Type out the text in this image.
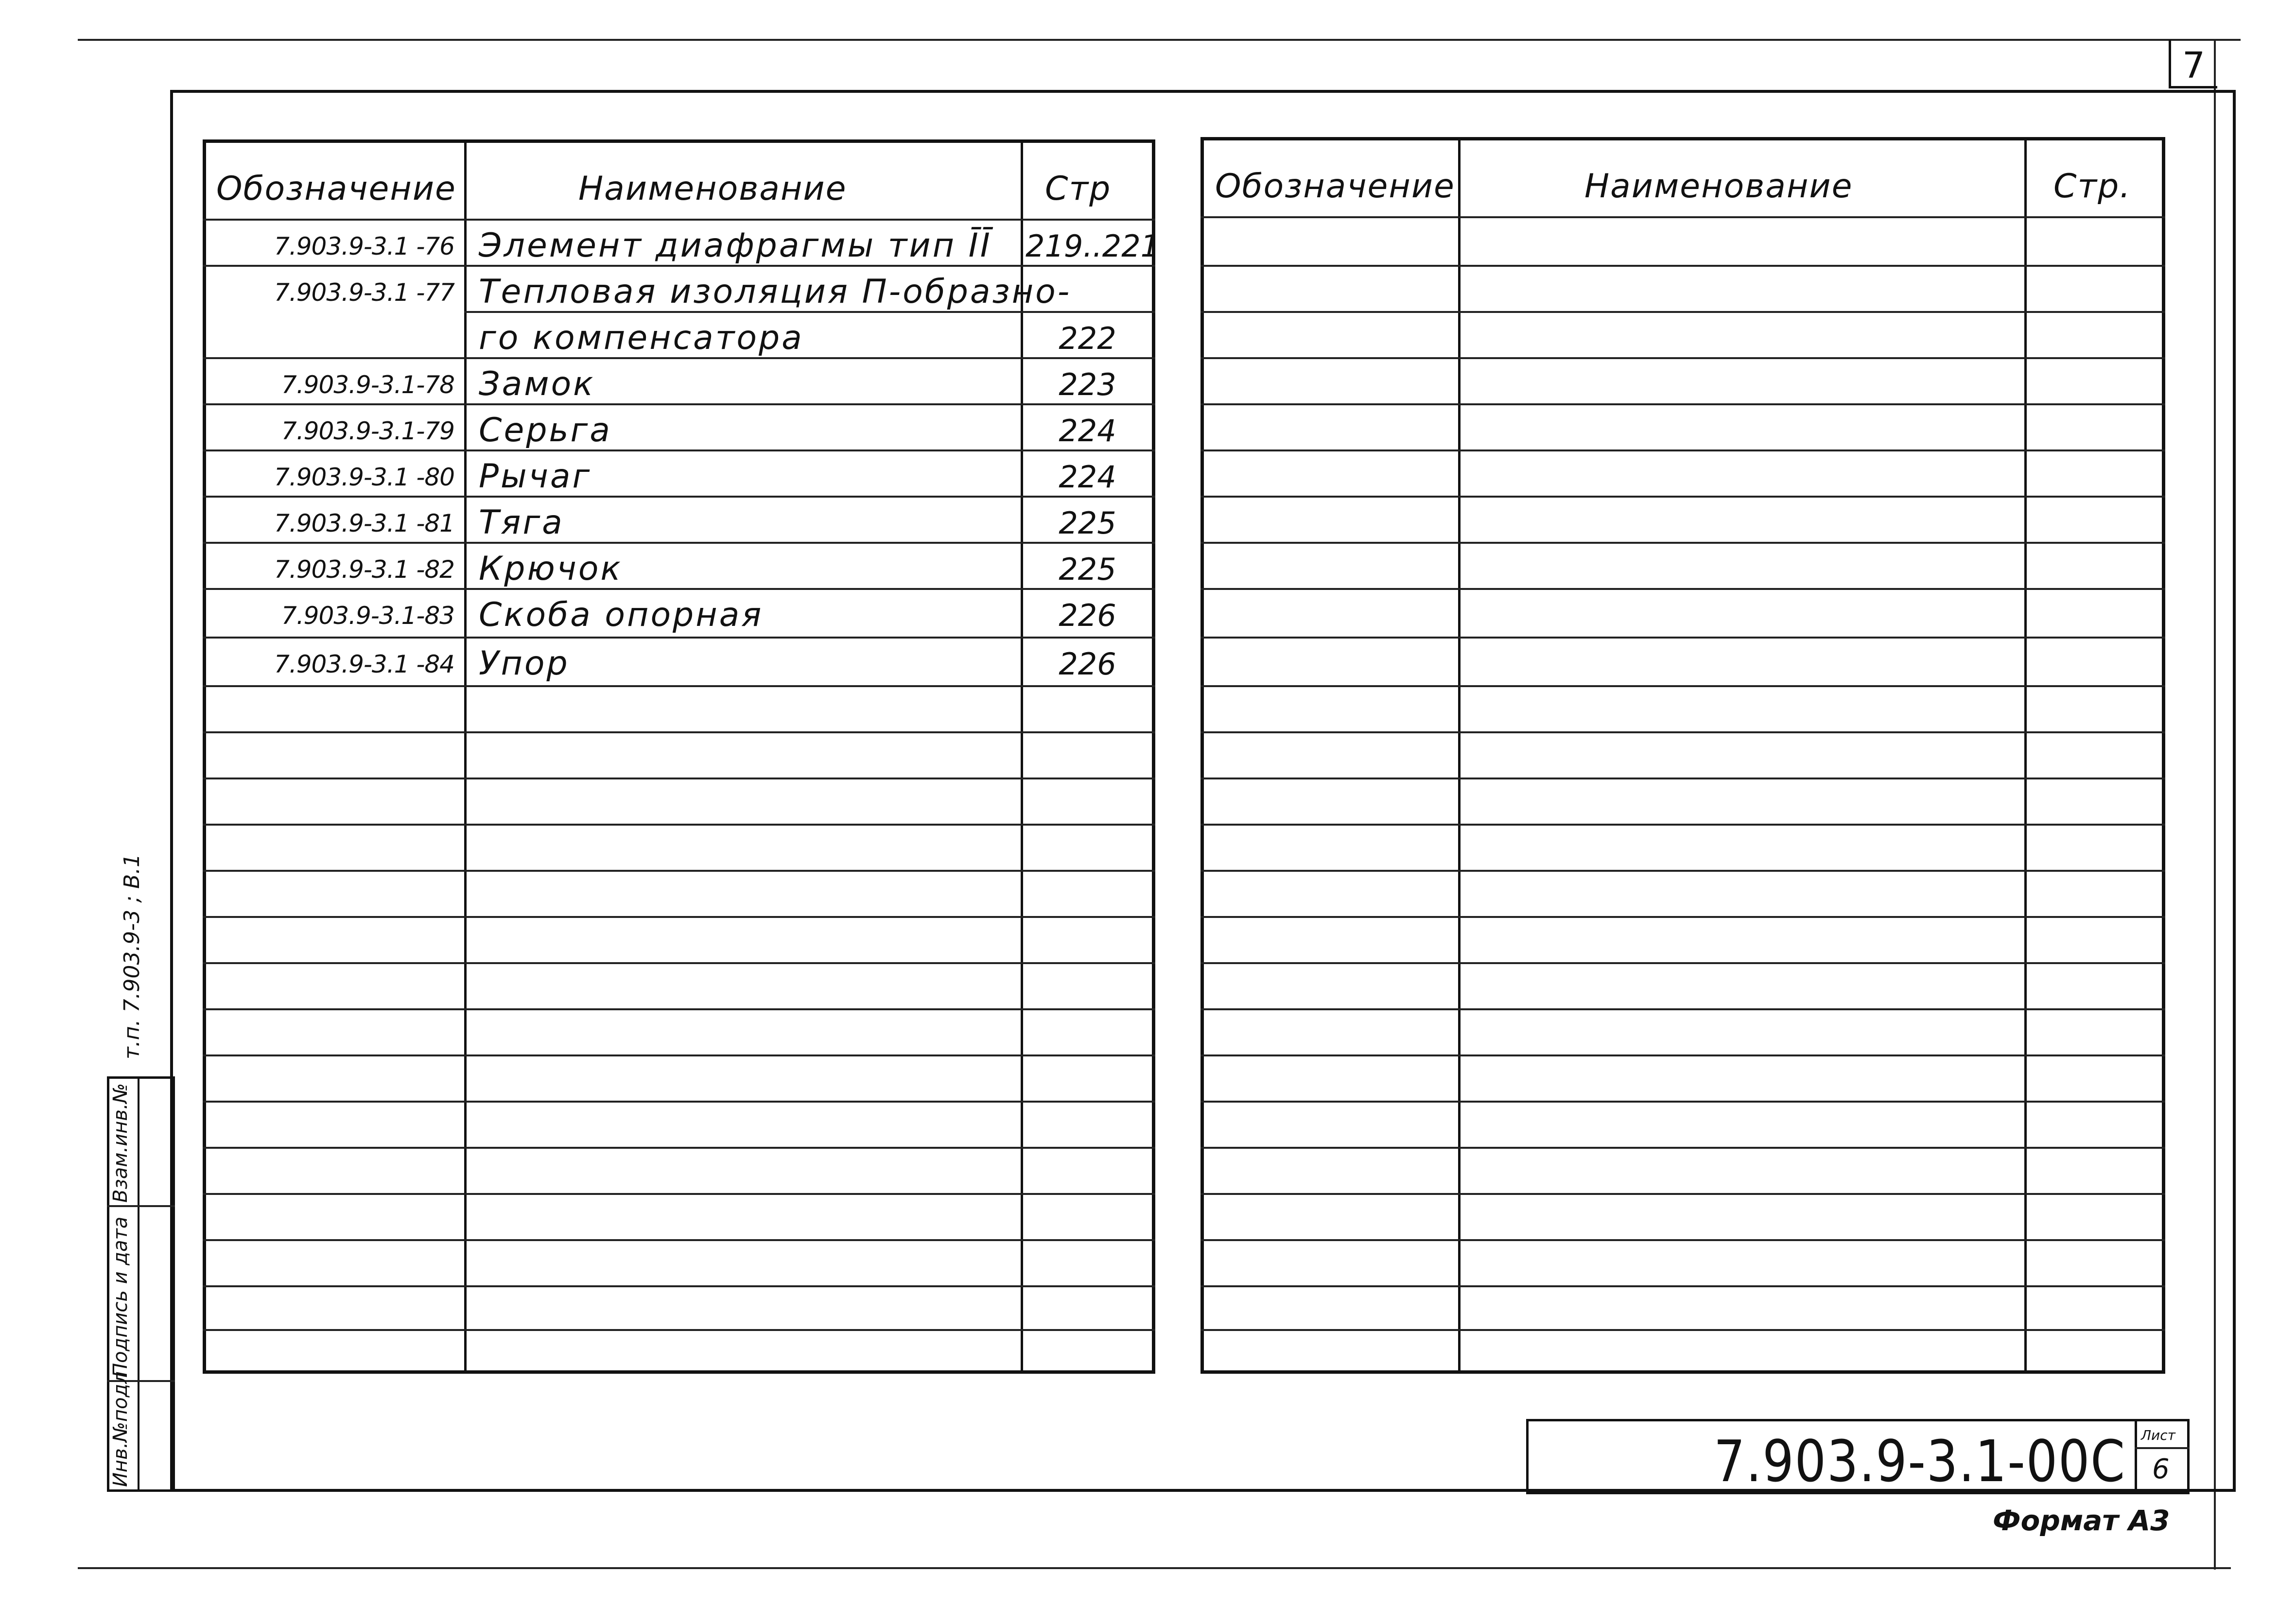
7
Обозначение	Наименование	Стр
7.903.9-3.1 -76 Элемент диафрагмы тип ĪĪ 219..221
7.903.9-3.1 -77 Тепловая изоляция П-образно-
го компенсатора	222
7.903.9-3.1-78 Замок	223
7.903.9-3.1-79 Серьга	224
7.903.9-3.1 -80 Рычаг	224
7.903.9-3.1 -81 Тяга	225
7.903.9-3.1 -82 Крючок	225
7.903.9-3.1-83 Скоба опорная	226
7.903.9-3.1 -84 Упор	226
Обозначение	Наименование	Стр.
т.п. 7.903.9-3 ; В.1
Инв.№подл
Подпись и дата
Взам.инв.№
7.903.9-3.1-00С Лист
6
Формат А3
